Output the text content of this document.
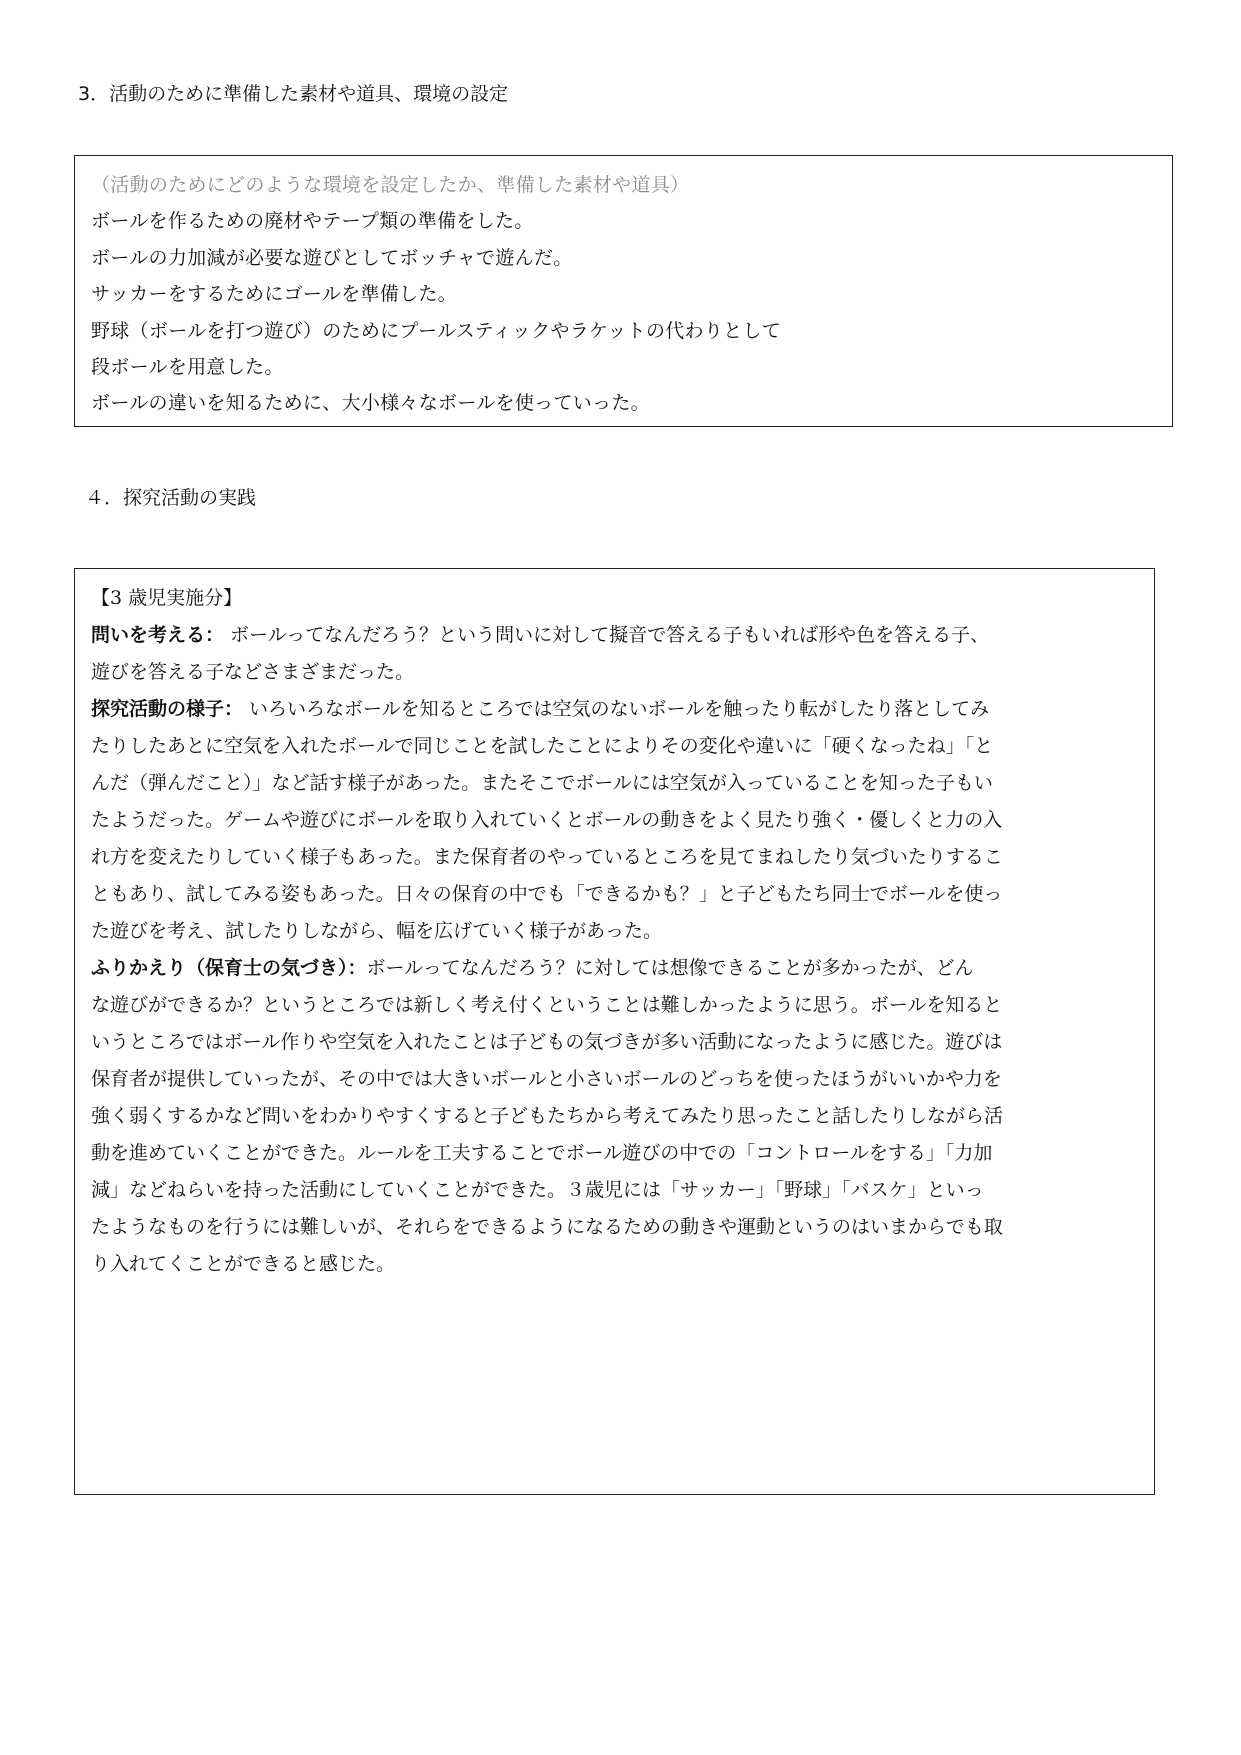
3．活動のために準備した素材や道具、環境の設定
（活動のためにどのような環境を設定したか、準備した素材や道具）
ボールを作るための廃材やテープ類の準備をした。
ボールの力加減が必要な遊びとしてボッチャで遊んだ。
サッカーをするためにゴールを準備した。
野球（ボールを打つ遊び）のためにプールスティックやラケットの代わりとして
段ボールを用意した。
ボールの違いを知るために、大小様々なボールを使っていった。
４．探究活動の実践
【3 歳児実施分】
問いを考える： ボールってなんだろう？という問いに対して擬音で答える子もいれば形や色を答える子、
遊びを答える子などさまざまだった。
探究活動の様子： いろいろなボールを知るところでは空気のないボールを触ったり転がしたり落としてみ
たりしたあとに空気を入れたボールで同じことを試したことによりその変化や違いに「硬くなったね」「と
んだ（弾んだこと）」など話す様子があった。またそこでボールには空気が入っていることを知った子もい
たようだった。ゲームや遊びにボールを取り入れていくとボールの動きをよく見たり強く・優しくと力の入
れ方を変えたりしていく様子もあった。また保育者のやっているところを見てまねしたり気づいたりするこ
ともあり、試してみる姿もあった。日々の保育の中でも「できるかも？」と子どもたち同士でボールを使っ
た遊びを考え、試したりしながら、幅を広げていく様子があった。
ふりかえり（保育士の気づき）：ボールってなんだろう？に対しては想像できることが多かったが、どん
な遊びができるか？というところでは新しく考え付くということは難しかったように思う。ボールを知ると
いうところではボール作りや空気を入れたことは子どもの気づきが多い活動になったように感じた。遊びは
保育者が提供していったが、その中では大きいボールと小さいボールのどっちを使ったほうがいいかや力を
強く弱くするかなど問いをわかりやすくすると子どもたちから考えてみたり思ったこと話したりしながら活
動を進めていくことができた。ルールを工夫することでボール遊びの中での「コントロールをする」「力加
減」などねらいを持った活動にしていくことができた。３歳児には「サッカー」「野球」「バスケ」といっ
たようなものを行うには難しいが、それらをできるようになるための動きや運動というのはいまからでも取
り入れてくことができると感じた。
